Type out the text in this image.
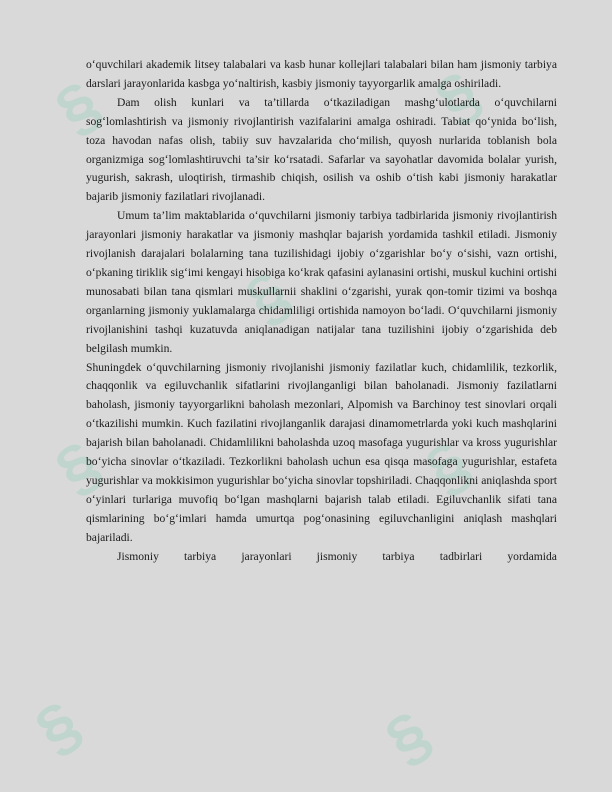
§	§
§
§	§
§	§

o‘quvchilari akademik litsey talabalari va kasb hunar kollejlari talabalari bilan ham jismoniy tarbiya darslari jarayonlarida kasbga yo‘naltirish, kasbiy jismoniy tayyorgarlik amalga oshiriladi.

Dam olish kunlari va ta’tillarda o‘tkaziladigan mashg‘ulotlarda o‘quvchilarni sog‘lomlashtirish va jismoniy rivojlantirish vazifalarini amalga oshiradi. Tabiat qo‘ynida bo‘lish, toza havodan nafas olish, tabiiy suv havzalarida cho‘milish, quyosh nurlarida toblanish bola organizmiga sog‘lomlashtiruvchi ta’sir ko‘rsatadi. Safarlar va sayohatlar davomida bolalar yurish, yugurish, sakrash, uloqtirish, tirmashib chiqish, osilish va oshib o‘tish kabi jismoniy harakatlar bajarib jismoniy fazilatlari rivojlanadi.

Umum ta’lim maktablarida o‘quvchilarni jismoniy tarbiya tadbirlarida jismoniy rivojlantirish jarayonlari jismoniy harakatlar va jismoniy mashqlar bajarish yordamida tashkil etiladi. Jismoniy rivojlanish darajalari bolalarning tana tuzilishidagi ijobiy o‘zgarishlar bo‘y o‘sishi, vazn ortishi, o‘pkaning tiriklik sig‘imi kengayi hisobiga ko‘krak qafasini aylanasini ortishi, muskul kuchini ortishi munosabati bilan tana qismlari muskullarnii shaklini o‘zgarishi, yurak qon-tomir tizimi va boshqa organlarning jismoniy yuklamalarga chidamliligi ortishida namoyon bo‘ladi. O‘quvchilarni jismoniy rivojlanishini tashqi kuzatuvda aniqlanadigan natijalar tana tuzilishini ijobiy o‘zgarishida deb belgilash mumkin.

Shuningdek o‘quvchilarning jismoniy rivojlanishi jismoniy fazilatlar kuch, chidamlilik, tezkorlik, chaqqonlik va egiluvchanlik sifatlarini rivojlanganligi bilan baholanadi. Jismoniy fazilatlarni baholash, jismoniy tayyorgarlikni baholash mezonlari, Alpomish va Barchinoy test sinovlari orqali o‘tkazilishi mumkin. Kuch fazilatini rivojlanganlik darajasi dinamometrlarda yoki kuch mashqlarini bajarish bilan baholanadi. Chidamlilikni baholashda uzoq masofaga yugurishlar va kross yugurishlar bo‘yicha sinovlar o‘tkaziladi. Tezkorlikni baholash uchun esa qisqa masofaga yugurishlar, estafeta yugurishlar va mokkisimon yugurishlar bo‘yicha sinovlar topshiriladi. Chaqqonlikni aniqlashda sport o‘yinlari turlariga muvofiq bo‘lgan mashqlarni bajarish talab etiladi. Egiluvchanlik sifati tana qismlarining bo‘g‘imlari hamda umurtqa pog‘onasining egiluvchanligini aniqlash mashqlari bajariladi.

Jismoniy tarbiya jarayonlari jismoniy tarbiya tadbirlari yordamida
